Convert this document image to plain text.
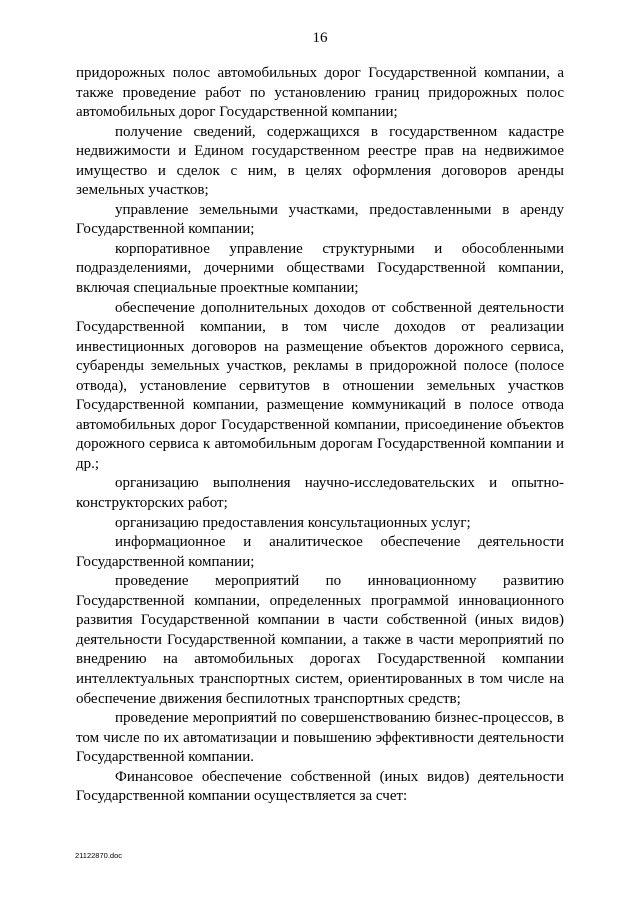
16

придорожных полос автомобильных дорог Государственной компании, а также проведение работ по установлению границ придорожных полос автомобильных дорог Государственной компании;

получение сведений, содержащихся в государственном кадастре недвижимости и Едином государственном реестре прав на недвижимое имущество и сделок с ним, в целях оформления договоров аренды земельных участков;

управление земельными участками, предоставленными в аренду Государственной компании;

корпоративное управление структурными и обособленными подразделениями, дочерними обществами Государственной компании, включая специальные проектные компании;

обеспечение дополнительных доходов от собственной деятельности Государственной компании, в том числе доходов от реализации инвестиционных договоров на размещение объектов дорожного сервиса, субаренды земельных участков, рекламы в придорожной полосе (полосе отвода), установление сервитутов в отношении земельных участков Государственной компании, размещение коммуникаций в полосе отвода автомобильных дорог Государственной компании, присоединение объектов дорожного сервиса к автомобильным дорогам Государственной компании и др.;

организацию выполнения научно-исследовательских и опытно-конструкторских работ;

организацию предоставления консультационных услуг;

информационное и аналитическое обеспечение деятельности Государственной компании;

проведение мероприятий по инновационному развитию Государственной компании, определенных программой инновационного развития Государственной компании в части собственной (иных видов) деятельности Государственной компании, а также в части мероприятий по внедрению на автомобильных дорогах Государственной компании интеллектуальных транспортных систем, ориентированных в том числе на обеспечение движения беспилотных транспортных средств;

проведение мероприятий по совершенствованию бизнес-процессов, в том числе по их автоматизации и повышению эффективности деятельности Государственной компании.

Финансовое обеспечение собственной (иных видов) деятельности Государственной компании осуществляется за счет:

21122870.doc
